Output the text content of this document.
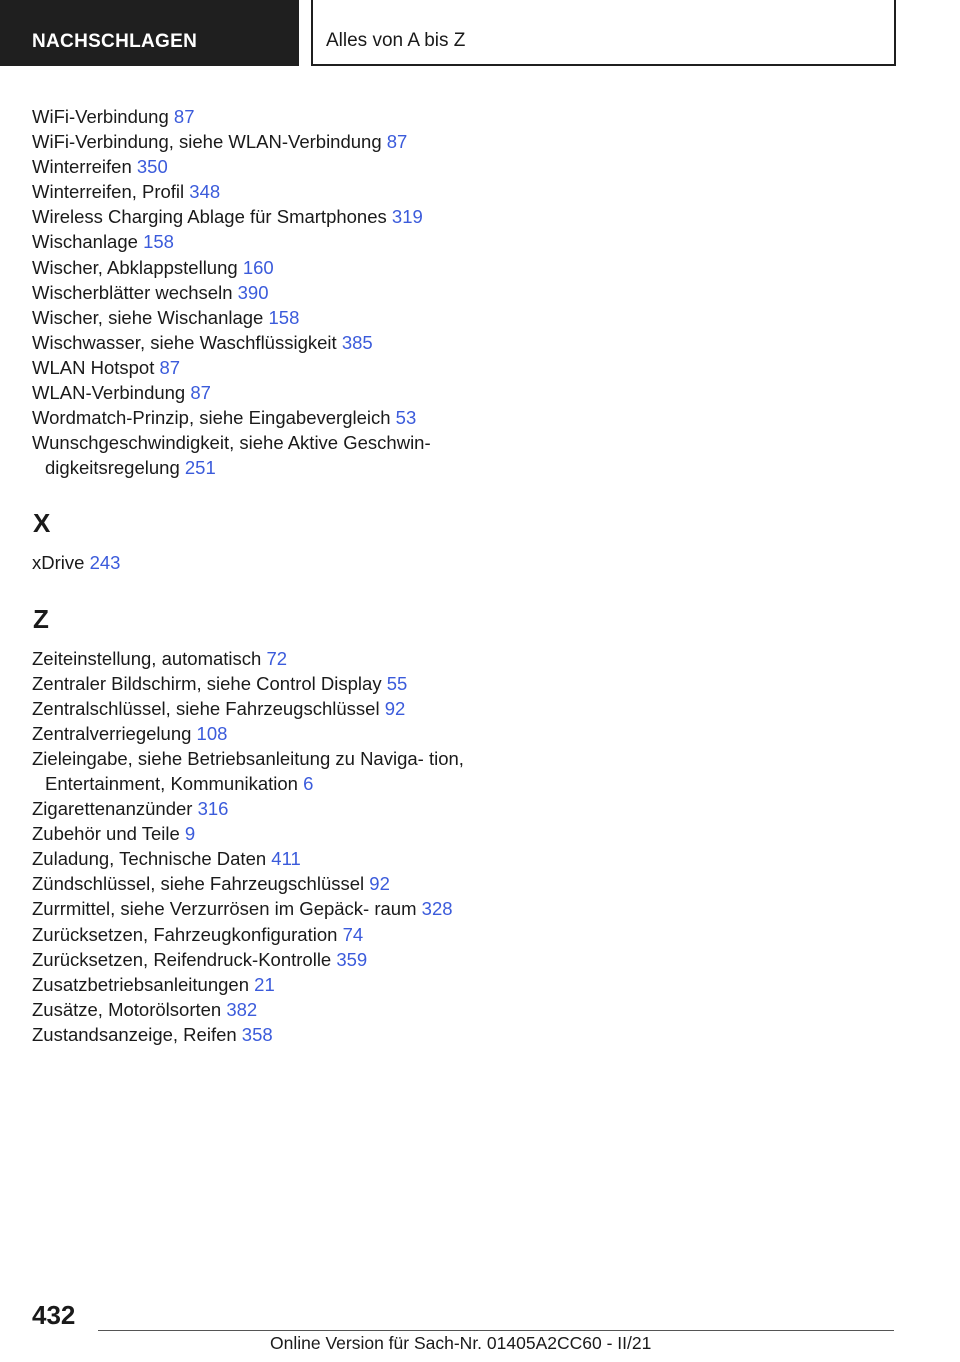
NACHSCHLAGEN	Alles von A bis Z
WiFi-Verbindung 87
WiFi-Verbindung, siehe WLAN-Verbindung 87
Winterreifen 350
Winterreifen, Profil 348
Wireless Charging Ablage für Smartphones 319
Wischanlage 158
Wischer, Abklappstellung 160
Wischerblätter wechseln 390
Wischer, siehe Wischanlage 158
Wischwasser, siehe Waschflüssigkeit 385
WLAN Hotspot 87
WLAN-Verbindung 87
Wordmatch-Prinzip, siehe Eingabevergleich 53
Wunschgeschwindigkeit, siehe Aktive Geschwin‐ digkeitsregelung 251
X
xDrive 243
Z
Zeiteinstellung, automatisch 72
Zentraler Bildschirm, siehe Control Display 55
Zentralschlüssel, siehe Fahrzeugschlüssel 92
Zentralverriegelung 108
Zieleingabe, siehe Betriebsanleitung zu Naviga‐ tion, Entertainment, Kommunikation 6
Zigarettenanzünder 316
Zubehör und Teile 9
Zuladung, Technische Daten 411
Zündschlüssel, siehe Fahrzeugschlüssel 92
Zurrmittel, siehe Verzurrösen im Gepäck‐ raum 328
Zurücksetzen, Fahrzeugkonfiguration 74
Zurücksetzen, Reifendruck-Kontrolle 359
Zusatzbetriebsanleitungen 21
Zusätze, Motorölsorten 382
Zustandsanzeige, Reifen 358
432
Online Version für Sach-Nr. 01405A2CC60 - II/21
